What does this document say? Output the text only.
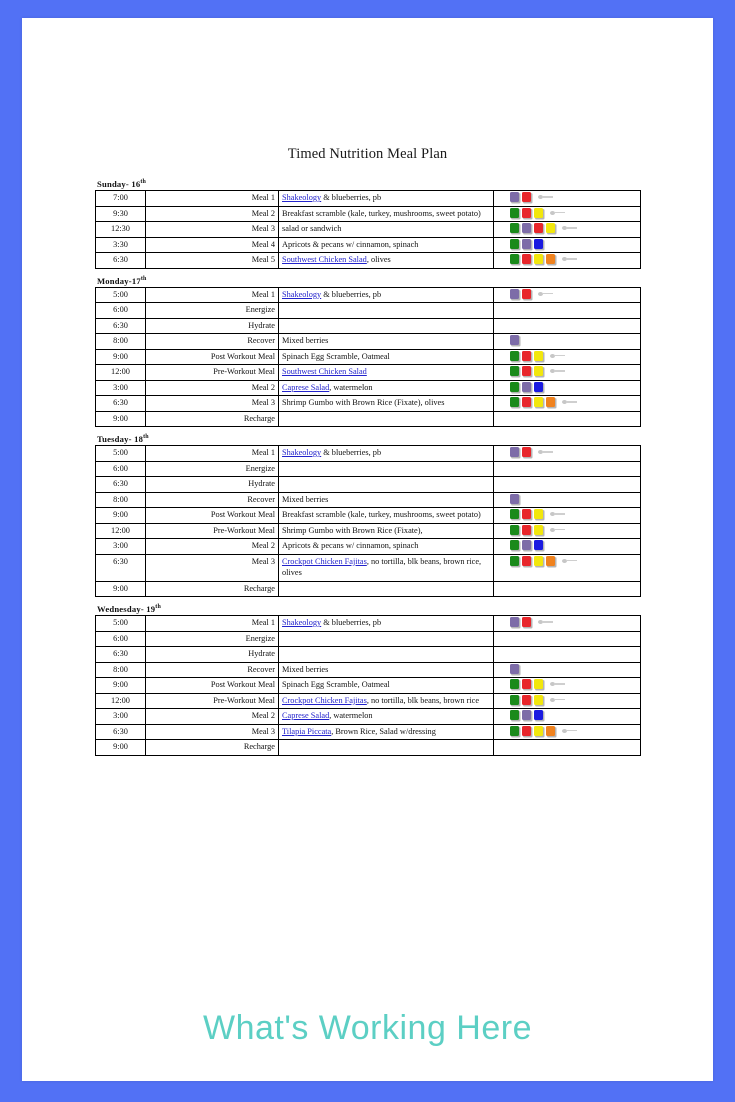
Timed Nutrition Meal Plan
Sunday- 16th
7:00	Meal 1	Shakeology & blueberries, pb	

9:30	Meal 2	Breakfast scramble (kale, turkey, mushrooms, sweet potato)	

12:30	Meal 3	salad or sandwich	

3:30	Meal 4	Apricots & pecans w/ cinnamon, spinach	

6:30	Meal 5	Southwest Chicken Salad, olives	
Monday-17th
5:00	Meal 1	Shakeology & blueberries, pb	

6:00	Energize		
6:30	Hydrate		
8:00	Recover	Mixed berries	

9:00	Post Workout Meal	Spinach Egg Scramble, Oatmeal	

12:00	Pre-Workout Meal	Southwest Chicken Salad	

3:00	Meal 2	Caprese Salad, watermelon	

6:30	Meal 3	Shrimp Gumbo with Brown Rice (Fixate), olives	

9:00	Recharge		
Tuesday- 18th
5:00	Meal 1	Shakeology & blueberries, pb	

6:00	Energize		
6:30	Hydrate		
8:00	Recover	Mixed berries	

9:00	Post Workout Meal	Breakfast scramble (kale, turkey, mushrooms, sweet potato)	

12:00	Pre-Workout Meal	Shrimp Gumbo with Brown Rice (Fixate),	

3:00	Meal 2	Apricots & pecans w/ cinnamon, spinach	

6:30	Meal 3	Crockpot Chicken Fajitas, no tortilla, blk beans, brown rice, olives	

9:00	Recharge		
Wednesday- 19th
5:00	Meal 1	Shakeology & blueberries, pb	

6:00	Energize		
6:30	Hydrate		
8:00	Recover	Mixed berries	

9:00	Post Workout Meal	Spinach Egg Scramble, Oatmeal	

12:00	Pre-Workout Meal	Crockpot Chicken Fajitas, no tortilla, blk beans, brown rice	

3:00	Meal 2	Caprese Salad, watermelon	

6:30	Meal 3	Tilapia Piccata, Brown Rice, Salad w/dressing	

9:00	Recharge		
What's Working Here
